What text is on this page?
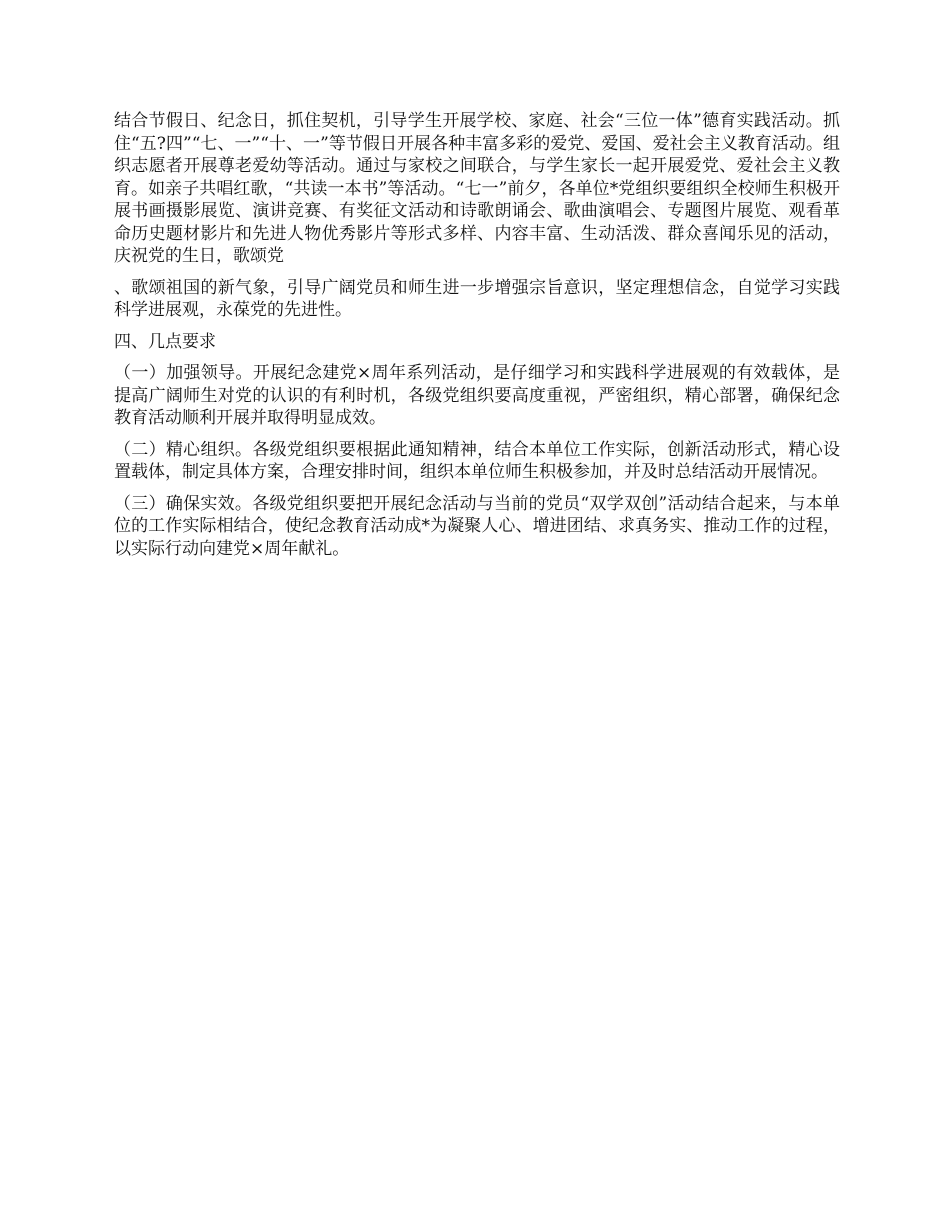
结合节假日、纪念日，抓住契机，引导学生开展学校、家庭、社会“三位一体”德育实践活动。抓住“五?四”“七、一”“十、一”等节假日开展各种丰富多彩的爱党、爱国、爱社会主义教育活动。组织志愿者开展尊老爱幼等活动。通过与家校之间联合，与学生家长一起开展爱党、爱社会主义教育。如亲子共唱红歌，“共读一本书”等活动。“七一”前夕，各单位*党组织要组织全校师生积极开展书画摄影展览、演讲竞赛、有奖征文活动和诗歌朗诵会、歌曲演唱会、专题图片展览、观看革命历史题材影片和先进人物优秀影片等形式多样、内容丰富、生动活泼、群众喜闻乐见的活动，庆祝党的生日，歌颂党

、歌颂祖国的新气象，引导广阔党员和师生进一步增强宗旨意识，坚定理想信念，自觉学习实践科学进展观，永葆党的先进性。

四、几点要求

（一）加强领导。开展纪念建党×周年系列活动，是仔细学习和实践科学进展观的有效载体，是提高广阔师生对党的认识的有利时机，各级党组织要高度重视，严密组织，精心部署，确保纪念教育活动顺利开展并取得明显成效。

（二）精心组织。各级党组织要根据此通知精神，结合本单位工作实际，创新活动形式，精心设置载体，制定具体方案，合理安排时间，组织本单位师生积极参加，并及时总结活动开展情况。

（三）确保实效。各级党组织要把开展纪念活动与当前的党员“双学双创”活动结合起来，与本单位的工作实际相结合，使纪念教育活动成*为凝聚人心、增进团结、求真务实、推动工作的过程，以实际行动向建党×周年献礼。
